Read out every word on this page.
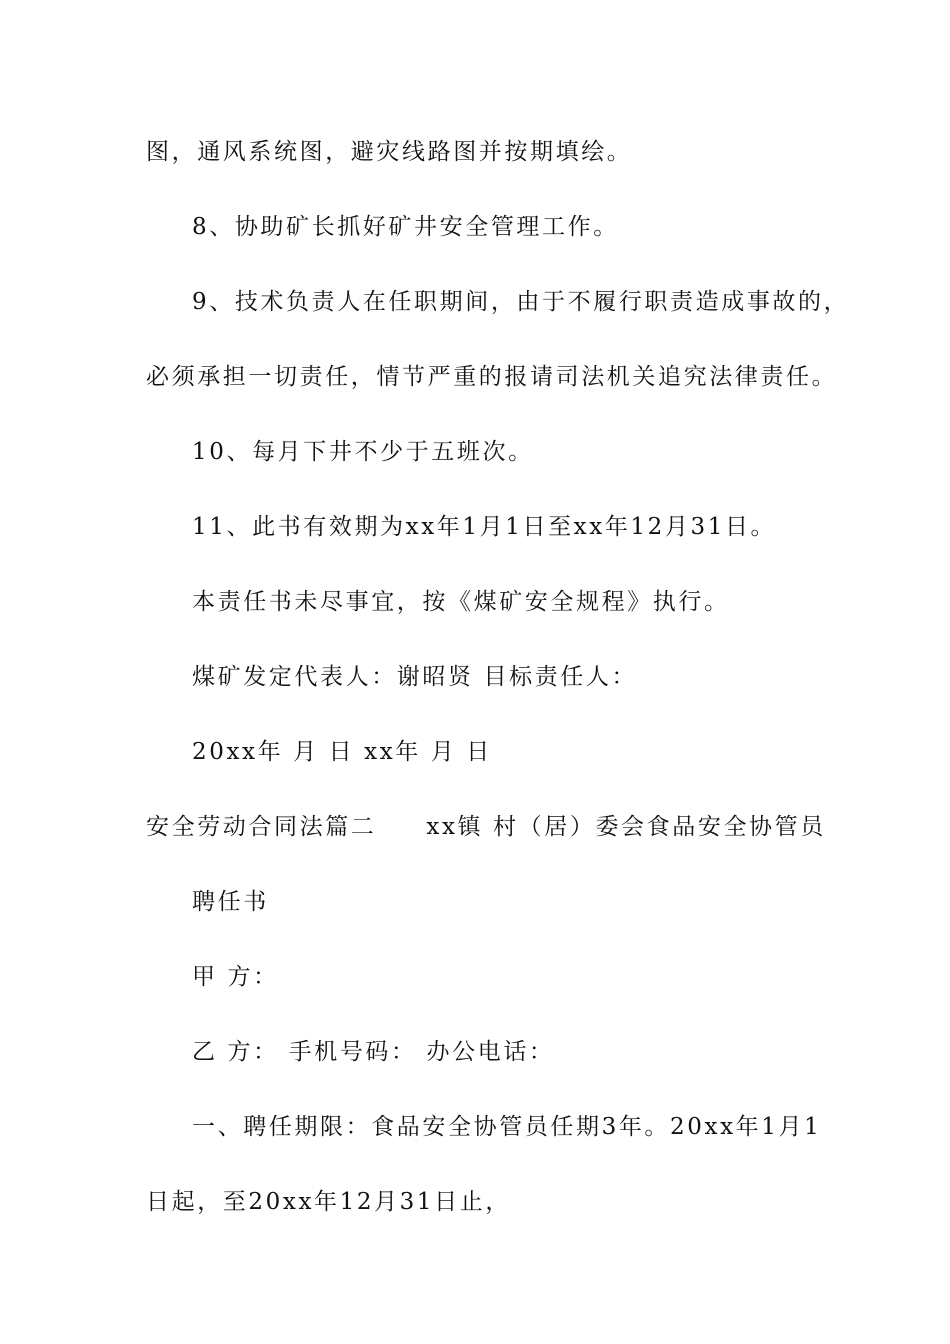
图，通风系统图，避灾线路图并按期填绘。

8、协助矿长抓好矿井安全管理工作。

9、技术负责人在任职期间，由于不履行职责造成事故的，

必须承担一切责任，情节严重的报请司法机关追究法律责任。

10、每月下井不少于五班次。

11、此书有效期为xx年1月1日至xx年12月31日。

本责任书未尽事宜，按《煤矿安全规程》执行。

煤矿发定代表人：谢昭贤 目标责任人：

20xx年 月 日 xx年 月 日

安全劳动合同法篇二 xx镇 村（居）委会食品安全协管员

聘任书

甲 方：

乙 方： 手机号码： 办公电话：

一、聘任期限：食品安全协管员任期3年。20xx年1月1

日起，至20xx年12月31日止，
